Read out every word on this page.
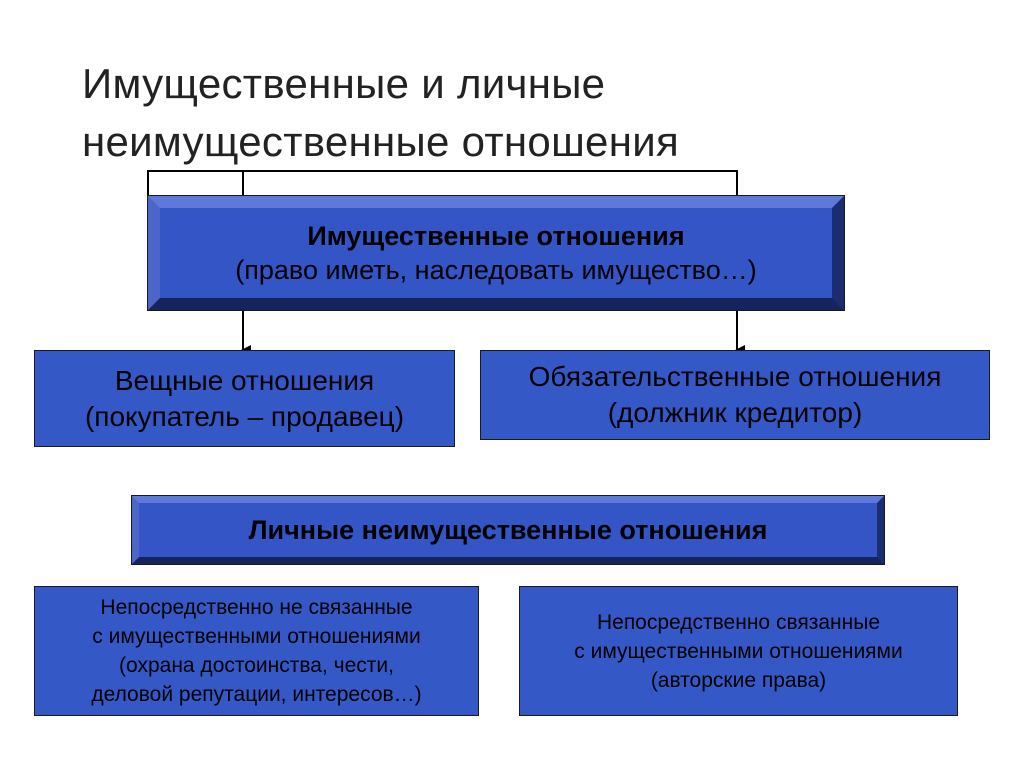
Имущественные и личные
неимущественные отношения
Имущественные отношения
(право иметь, наследовать имущество…)
Вещные отношения
(покупатель – продавец)
Обязательственные отношения
(должник кредитор)
Личные неимущественные отношения
Непосредственно не связанные
с имущественными отношениями
(охрана достоинства, чести,
деловой репутации, интересов…)
Непосредственно связанные
с имущественными отношениями
(авторские права)
